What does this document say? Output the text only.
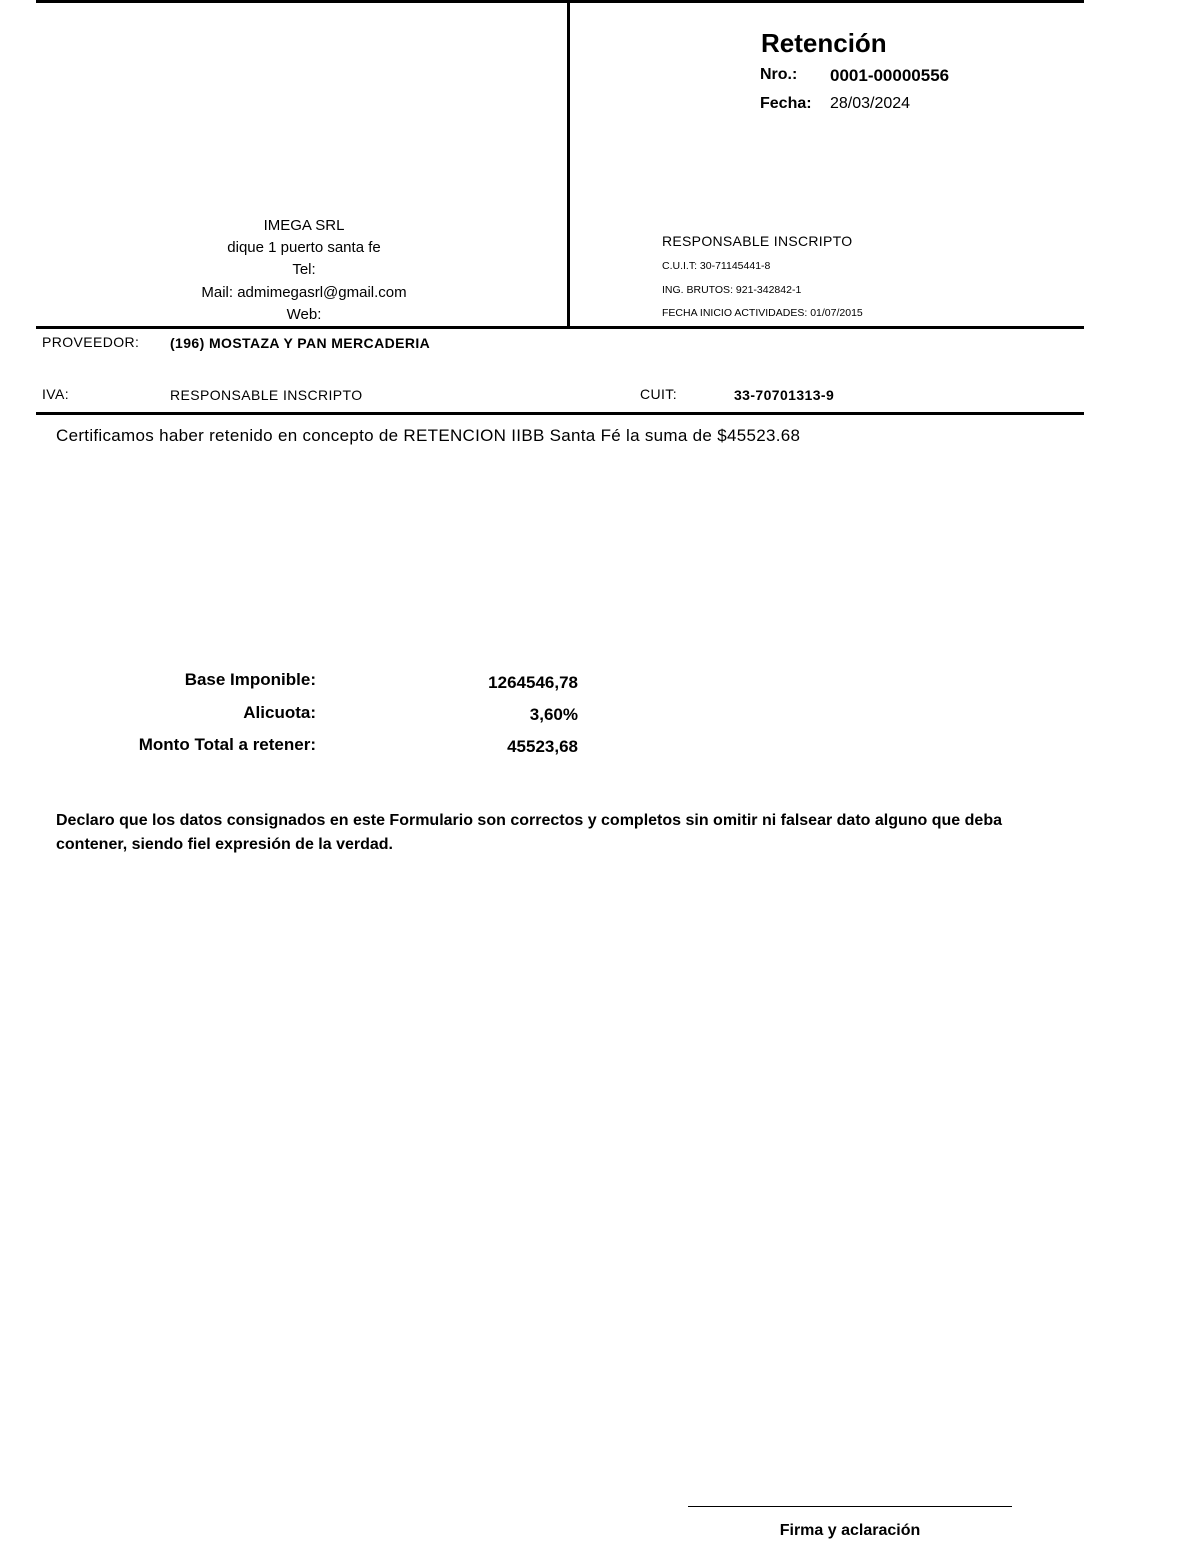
Retención
Nro.: 0001-00000556
Fecha: 28/03/2024
IMEGA SRL
dique 1 puerto santa fe
Tel:
Mail: admimegasrl@gmail.com
Web:
RESPONSABLE INSCRIPTO
C.U.I.T: 30-71145441-8
ING. BRUTOS: 921-342842-1
FECHA INICIO ACTIVIDADES: 01/07/2015
PROVEEDOR: (196) MOSTAZA Y PAN MERCADERIA
IVA:	RESPONSABLE INSCRIPTO	CUIT:	33-70701313-9
Certificamos haber retenido en concepto de RETENCION IIBB Santa Fé la suma de $45523.68
Base Imponible:	1264546,78
Alicuota:	3,60%
Monto Total a retener:	45523,68
Declaro que los datos consignados en este Formulario son correctos y completos sin omitir ni falsear dato alguno que deba
contener, siendo fiel expresión de la verdad.
Firma y aclaración
